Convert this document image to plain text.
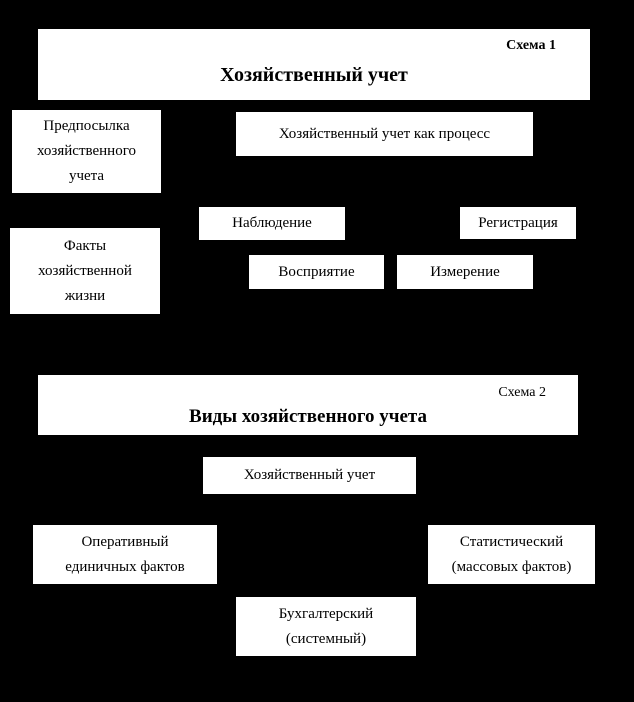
Схема 1
Хозяйственный учет
Предпосылка
хозяйственного
учета
Хозяйственный учет как процесс
Наблюдение	Регистрация
Факты
хозяйственной
жизни
Восприятие	Измерение
Схема 2
Виды хозяйственного учета
Хозяйственный учет
Оперативный
единичных фактов
Статистический
(массовых фактов)
Бухгалтерский
(системный)
